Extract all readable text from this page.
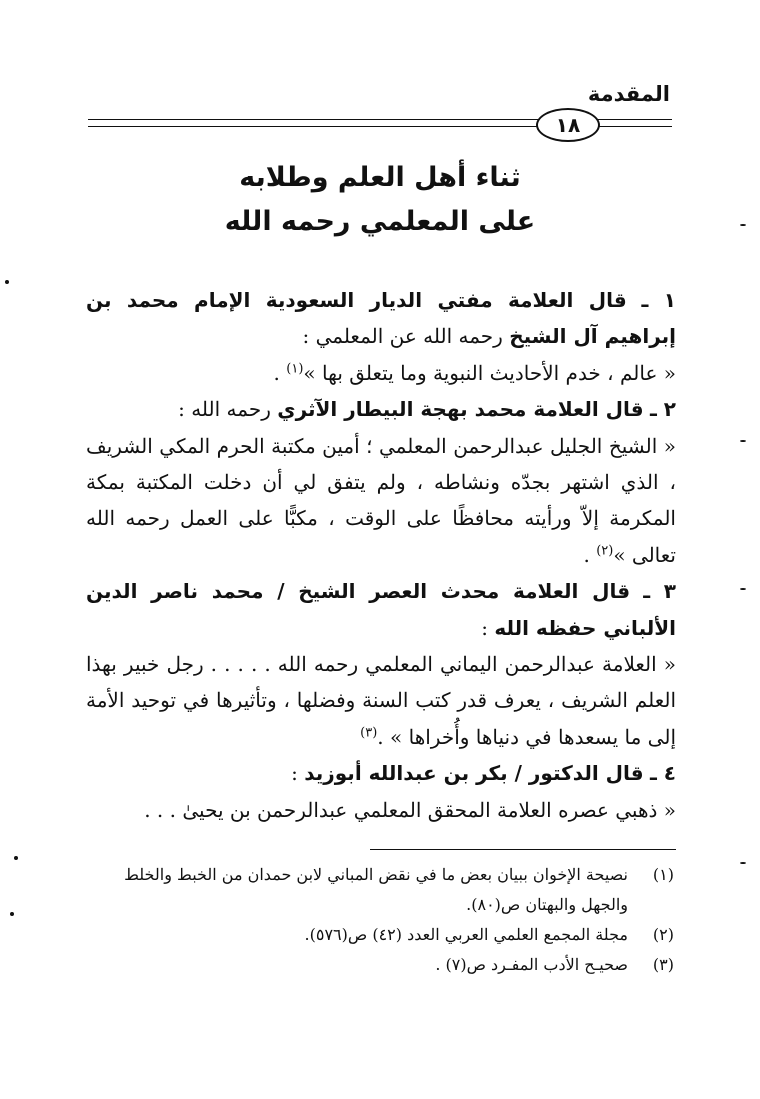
المقدمة
١٨
ثناء أهل العلم وطلابه
على المعلمي رحمه الله

١ ـ قال العلامة مفتي الديار السعودية الإمام محمد بن إبراهيم آل الشيخ رحمه الله عن المعلمي :

« عالم ، خدم الأحاديث النبوية وما يتعلق بها »$^{(١)}$ .

٢ ـ قال العلامة محمد بهجة البيطار الآثري رحمه الله :

« الشيخ الجليل عبدالرحمن المعلمي ؛ أمين مكتبة الحرم المكي الشريف ، الذي اشتهر بجدّه ونشاطه ، ولم يتفق لي أن دخلت المكتبة بمكة المكرمة إلاّ ورأيته محافظًا على الوقت ، مكبًّا على العمل رحمه الله تعالى »$^{(٢)}$ .

٣ ـ قال العلامة محدث العصر الشيخ / محمد ناصر الدين الألباني حفظه الله :

« العلامة عبدالرحمن اليماني المعلمي رحمه الله . . . . . رجل خبير بهذا العلم الشريف ، يعرف قدر كتب السنة وفضلها ، وتأثيرها في توحيد الأمة إلى ما يسعدها في دنياها وأُخراها » .$^{(٣)}$

٤ ـ قال الدكتور / بكر بن عبدالله أبوزيد :

« ذهبي عصره العلامة المحقق المعلمي عبدالرحمن بن يحيىٰ . . .

(١)
نصيحة الإخوان ببيان بعض ما في نقض المباني لابن حمدان من الخبط والخلط والجهل والبهتان ص(٨٠).
(٢)
مجلة المجمع العلمي العربي العدد (٤٢) ص(٥٧٦).
(٣)
صحيـح الأدب المفـرد ص(٧) .
